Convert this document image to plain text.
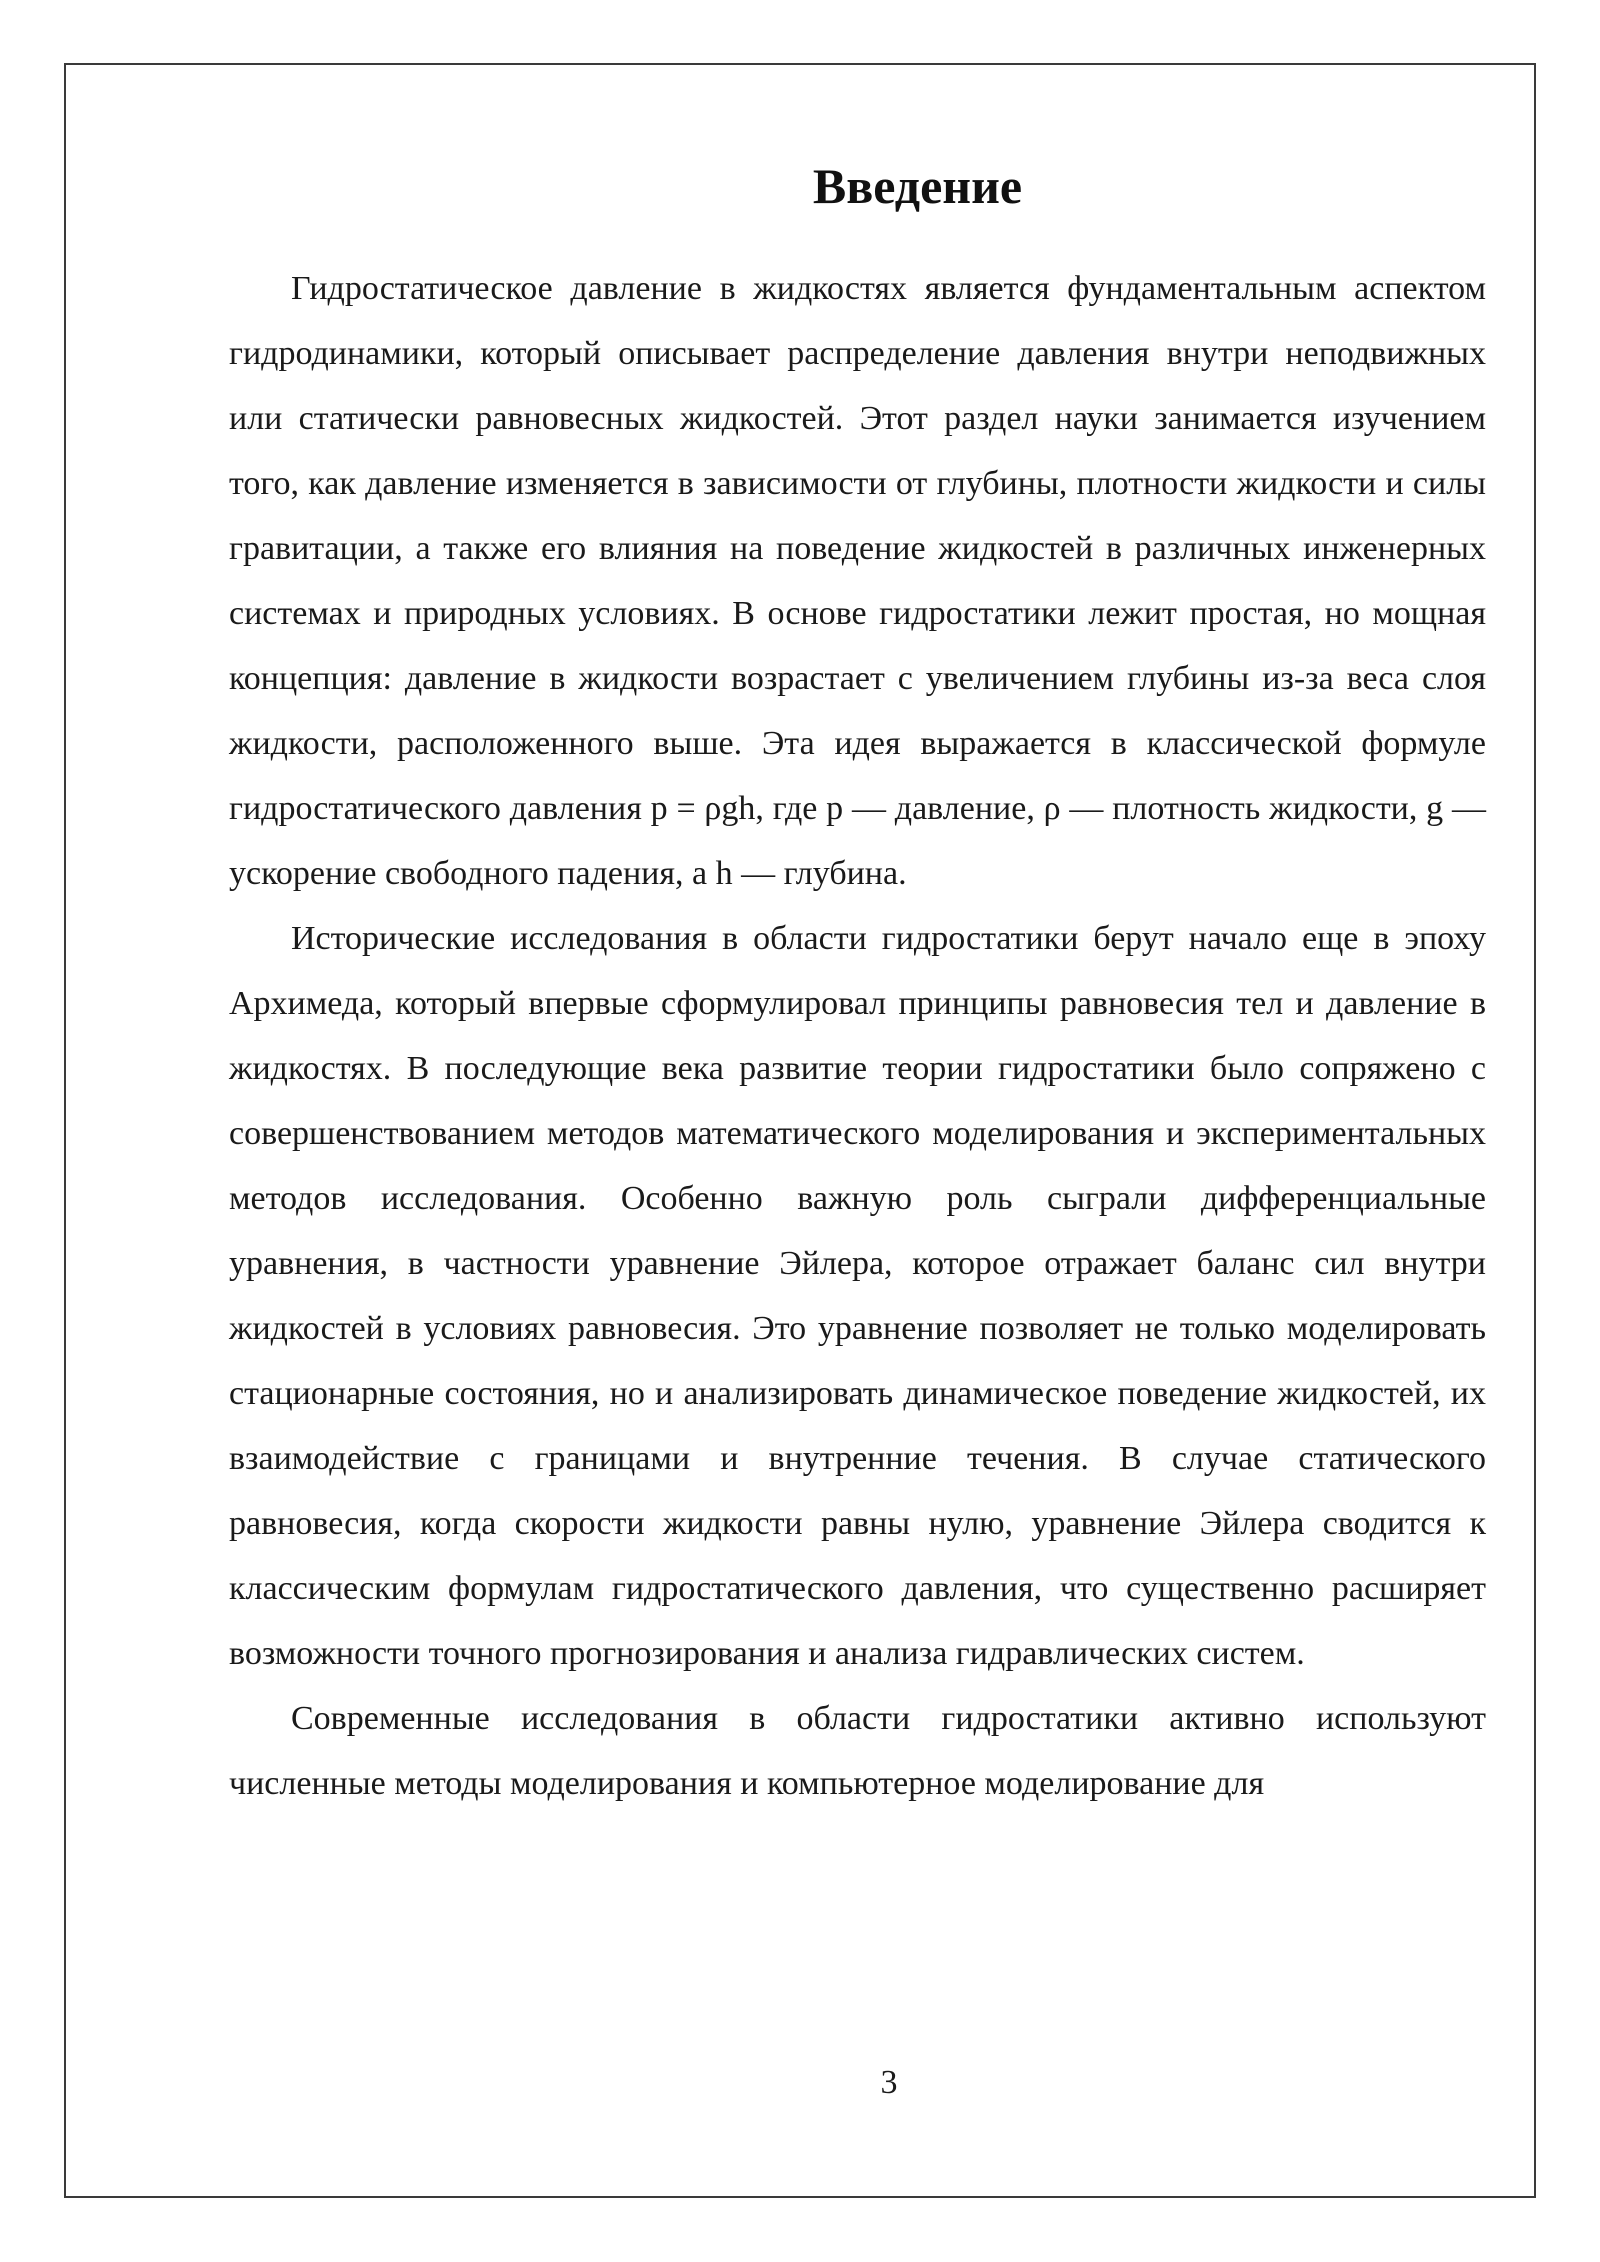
Введение

Гидростатическое давление в жидкостях является фундаментальным аспектом гидродинамики, который описывает распределение давления внутри неподвижных или статически равновесных жидкостей. Этот раздел науки занимается изучением того, как давление изменяется в зависимости от глубины, плотности жидкости и силы гравитации, а также его влияния на поведение жидкостей в различных инженерных системах и природных условиях. В основе гидростатики лежит простая, но мощная концепция: давление в жидкости возрастает с увеличением глубины из-за веса слоя жидкости, расположенного выше. Эта идея выражается в классической формуле гидростатического давления p = ρgh, где p — давление, ρ — плотность жидкости, g — ускорение свободного падения, а h — глубина.

Исторические исследования в области гидростатики берут начало еще в эпоху Архимеда, который впервые сформулировал принципы равновесия тел и давление в жидкостях. В последующие века развитие теории гидростатики было сопряжено с совершенствованием методов математического моделирования и экспериментальных методов исследования. Особенно важную роль сыграли дифференциальные уравнения, в частности уравнение Эйлера, которое отражает баланс сил внутри жидкостей в условиях равновесия. Это уравнение позволяет не только моделировать стационарные состояния, но и анализировать динамическое поведение жидкостей, их взаимодействие с границами и внутренние течения. В случае статического равновесия, когда скорости жидкости равны нулю, уравнение Эйлера сводится к классическим формулам гидростатического давления, что существенно расширяет возможности точного прогнозирования и анализа гидравлических систем.

Современные исследования в области гидростатики активно используют численные методы моделирования и компьютерное моделирование для

3
